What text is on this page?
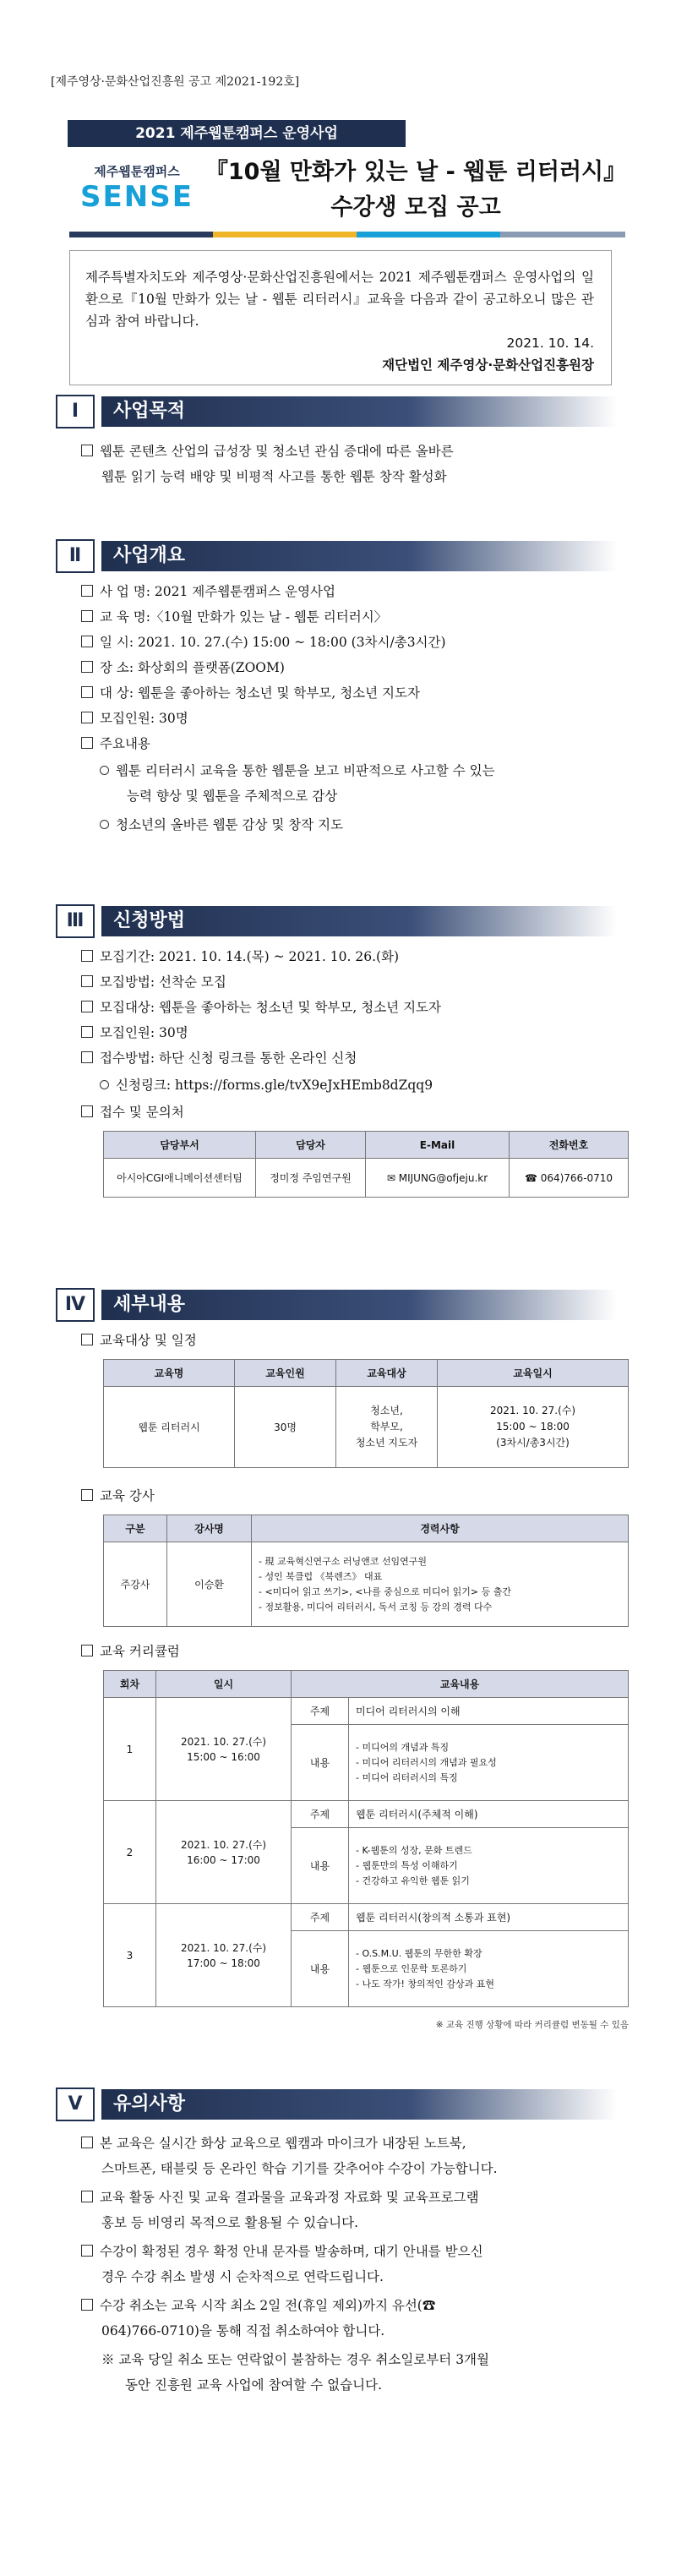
[제주영상·문화산업진흥원 공고 제2021-192호]
2021 제주웹툰캠퍼스 운영사업
제주웹툰캠퍼스
SENSE
『10월 만화가 있는 날 - 웹툰 리터러시』
수강생 모집 공고
제주특별자치도와 제주영상·문화산업진흥원에서는 2021 제주웹툰캠퍼스 운영사업의 일환으로『10월 만화가 있는 날 - 웹툰 리터러시』교육을 다음과 같이 공고하오니 많은 관심과 참여 바랍니다.
2021. 10. 14.
재단법인 제주영상·문화산업진흥원장
Ⅰ	사업목적
웹툰 콘텐츠 산업의 급성장 및 청소년 관심 증대에 따른 올바른
웹툰 읽기 능력 배양 및 비평적 사고를 통한 웹툰 창작 활성화
Ⅱ	사업개요
사 업 명: 2021 제주웹툰캠퍼스 운영사업
교 육 명:〈10월 만화가 있는 날 - 웹툰 리터러시〉
일 시: 2021. 10. 27.(수) 15:00 ~ 18:00 (3차시/총3시간)
장 소: 화상회의 플랫폼(ZOOM)
대 상: 웹툰을 좋아하는 청소년 및 학부모, 청소년 지도자
모집인원: 30명
주요내용
웹툰 리터러시 교육을 통한 웹툰을 보고 비판적으로 사고할 수 있는
능력 향상 및 웹툰을 주체적으로 감상
청소년의 올바른 웹툰 감상 및 창작 지도
Ⅲ	신청방법
모집기간: 2021. 10. 14.(목) ~ 2021. 10. 26.(화)
모집방법: 선착순 모집
모집대상: 웹툰을 좋아하는 청소년 및 학부모, 청소년 지도자
모집인원: 30명
접수방법: 하단 신청 링크를 통한 온라인 신청
신청링크: https://forms.gle/tvX9eJxHEmb8dZqq9
접수 및 문의처
담당부서	담당자	E-Mail	전화번호
아시아CGI애니메이션센터팀	정미정 주임연구원	✉ MIJUNG@ofjeju.kr	☎ 064)766-0710
Ⅳ	세부내용
교육대상 및 일정
교육명	교육인원	교육대상	교육일시
웹툰 리터러시	30명	청소년,
학부모,
청소년 지도자	2021. 10. 27.(수)
15:00 ~ 18:00
(3차시/총3시간)
교육 강사
구분	강사명	경력사항
주강사	이승환	- 現 교육혁신연구소 러닝앤코 선임연구원
- 성인 북클럽 《북렌즈》 대표
- <미디어 읽고 쓰기>, <나를 중심으로 미디어 읽기> 등 출간
- 정보활용, 미디어 리터러시, 독서 코칭 등 강의 경력 다수
교육 커리큘럼
회차	일시	교육내용	
1	2021. 10. 27.(수)
15:00 ~ 16:00	주제	미디어 리터러시의 이해
		내용	- 미디어의 개념과 특징
- 미디어 리터러시의 개념과 필요성
- 미디어 리터러시의 특징
2	2021. 10. 27.(수)
16:00 ~ 17:00	주제	웹툰 리터러시(주체적 이해)
		내용	- K-웹툰의 성장, 문화 트렌드
- 웹툰만의 특성 이해하기
- 건강하고 유익한 웹툰 읽기
3	2021. 10. 27.(수)
17:00 ~ 18:00	주제	웹툰 리터러시(창의적 소통과 표현)
		내용	- O.S.M.U. 웹툰의 무한한 확장
- 웹툰으로 인문학 토론하기
- 나도 작가! 창의적인 감상과 표현
※ 교육 진행 상황에 따라 커리큘럼 변동될 수 있음
Ⅴ	유의사항
본 교육은 실시간 화상 교육으로 웹캠과 마이크가 내장된 노트북,
스마트폰, 태블릿 등 온라인 학습 기기를 갖추어야 수강이 가능합니다.
교육 활동 사진 및 교육 결과물을 교육과정 자료화 및 교육프로그램
홍보 등 비영리 목적으로 활용될 수 있습니다.
수강이 확정된 경우 확정 안내 문자를 발송하며, 대기 안내를 받으신
경우 수강 취소 발생 시 순차적으로 연락드립니다.
수강 취소는 교육 시작 최소 2일 전(휴일 제외)까지 유선(☎
064)766-0710)을 통해 직접 취소하여야 합니다.
※ 교육 당일 취소 또는 연락없이 불참하는 경우 취소일로부터 3개월
동안 진흥원 교육 사업에 참여할 수 없습니다.
